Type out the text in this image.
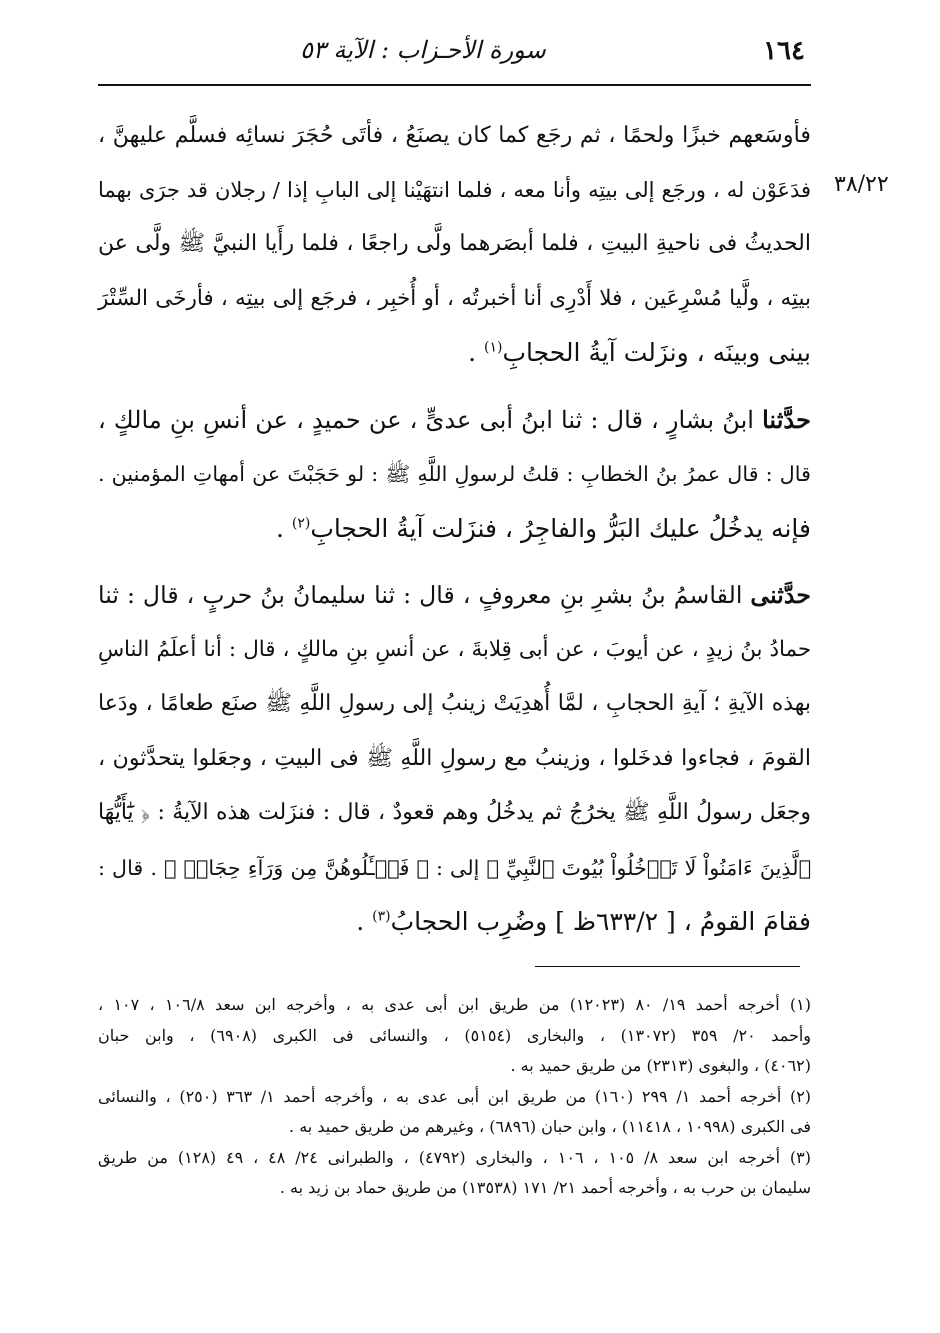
١٦٤
سورة الأحـزاب : الآية ٥٣
٣٨/٢٢
فأوسَعهم خبزًا ولحمًا ، ثم رجَع كما كان يصنَعُ ، فأتَى حُجَرَ نسائِه فسلَّم عليهنَّ ،
فدَعَوْن له ، ورجَع إلى بيتِه وأنا معه ، فلما انتهَيْنا إلى البابِ إذا / رجلان قد جرَى بهما
الحديثُ فى ناحيةِ البيتِ ، فلما أبصَرهما ولَّى راجعًا ، فلما رأَيا النبيَّ ﷺ ولَّى عن
بيتِه ، ولَّيا مُسْرِعَين ، فلا أَدْرِى أنا أخبرتُه ، أو أُخبِر ، فرجَع إلى بيتِه ، فأرخَى السِّتْرَ
بينى وبينَه ، ونزَلت آيةُ الحجابِ$^{(١)}$ .
حدَّثنا ابنُ بشارٍ ، قال : ثنا ابنُ أبى عدىٍّ ، عن حميدٍ ، عن أنسِ بنِ مالكٍ ،
قال : قال عمرُ بنُ الخطابِ : قلتُ لرسولِ اللَّهِ ﷺ : لو حَجَبْتَ عن أمهاتِ المؤمنين .
فإنه يدخُلُ عليك البَرُّ والفاجِرُ ، فنزَلت آيةُ الحجابِ$^{(٢)}$ .
حدَّثنى القاسمُ بنُ بشرِ بنِ معروفٍ ، قال : ثنا سليمانُ بنُ حربٍ ، قال : ثنا
حمادُ بنُ زيدٍ ، عن أيوبَ ، عن أبى قِلابةَ ، عن أنسِ بنِ مالكٍ ، قال : أنا أعلَمُ الناسِ
بهذه الآيةِ ؛ آيةِ الحجابِ ، لمَّا أُهدِيَتْ زينبُ إلى رسولِ اللَّهِ ﷺ صنَع طعامًا ، ودَعا
القومَ ، فجاءوا فدخَلوا ، وزينبُ مع رسولِ اللَّهِ ﷺ فى البيتِ ، وجعَلوا يتحدَّثون ،
وجعَل رسولُ اللَّهِ ﷺ يخرُجُ ثم يدخُلُ وهم قعودٌ ، قال : فنزَلت هذه الآيةُ : ﴿ يَٰٓأَيُّهَا
ٱلَّذِينَ ءَامَنُواْ لَا تَدۡخُلُواْ بُيُوتَ ٱلنَّبِيِّ ﴾ إلى : ﴿ فَسۡـَٔلُوهُنَّ مِن وَرَآءِ حِجَابٖ ﴾ . قال :
فقامَ القومُ ، [ ٦٣٣/٢ظ ] وضُرِب الحجابُ$^{(٣)}$ .
(١) أخرجه أحمد ١٩/ ٨٠ (١٢٠٢٣) من طريق ابن أبى عدى به ، وأخرجه ابن سعد ١٠٦/٨ ، ١٠٧ ،
وأحمد ٢٠/ ٣٥٩ (١٣٠٧٢) ، والبخارى (٥١٥٤) ، والنسائى فى الكبرى (٦٩٠٨) ، وابن حبان
(٤٠٦٢) ، والبغوى (٢٣١٣) من طريق حميد به .
(٢) أخرجه أحمد ١/ ٢٩٩ (١٦٠) من طريق ابن أبى عدى به ، وأخرجه أحمد ١/ ٣٦٣ (٢٥٠) ، والنسائى
فى الكبرى (١٠٩٩٨ ، ١١٤١٨) ، وابن حبان (٦٨٩٦) ، وغيرهم من طريق حميد به .
(٣) أخرجه ابن سعد ٨/ ١٠٥ ، ١٠٦ ، والبخارى (٤٧٩٢) ، والطبرانى ٢٤/ ٤٨ ، ٤٩ (١٢٨) من طريق
سليمان بن حرب به ، وأخرجه أحمد ٢١/ ١٧١ (١٣٥٣٨) من طريق حماد بن زيد به .
